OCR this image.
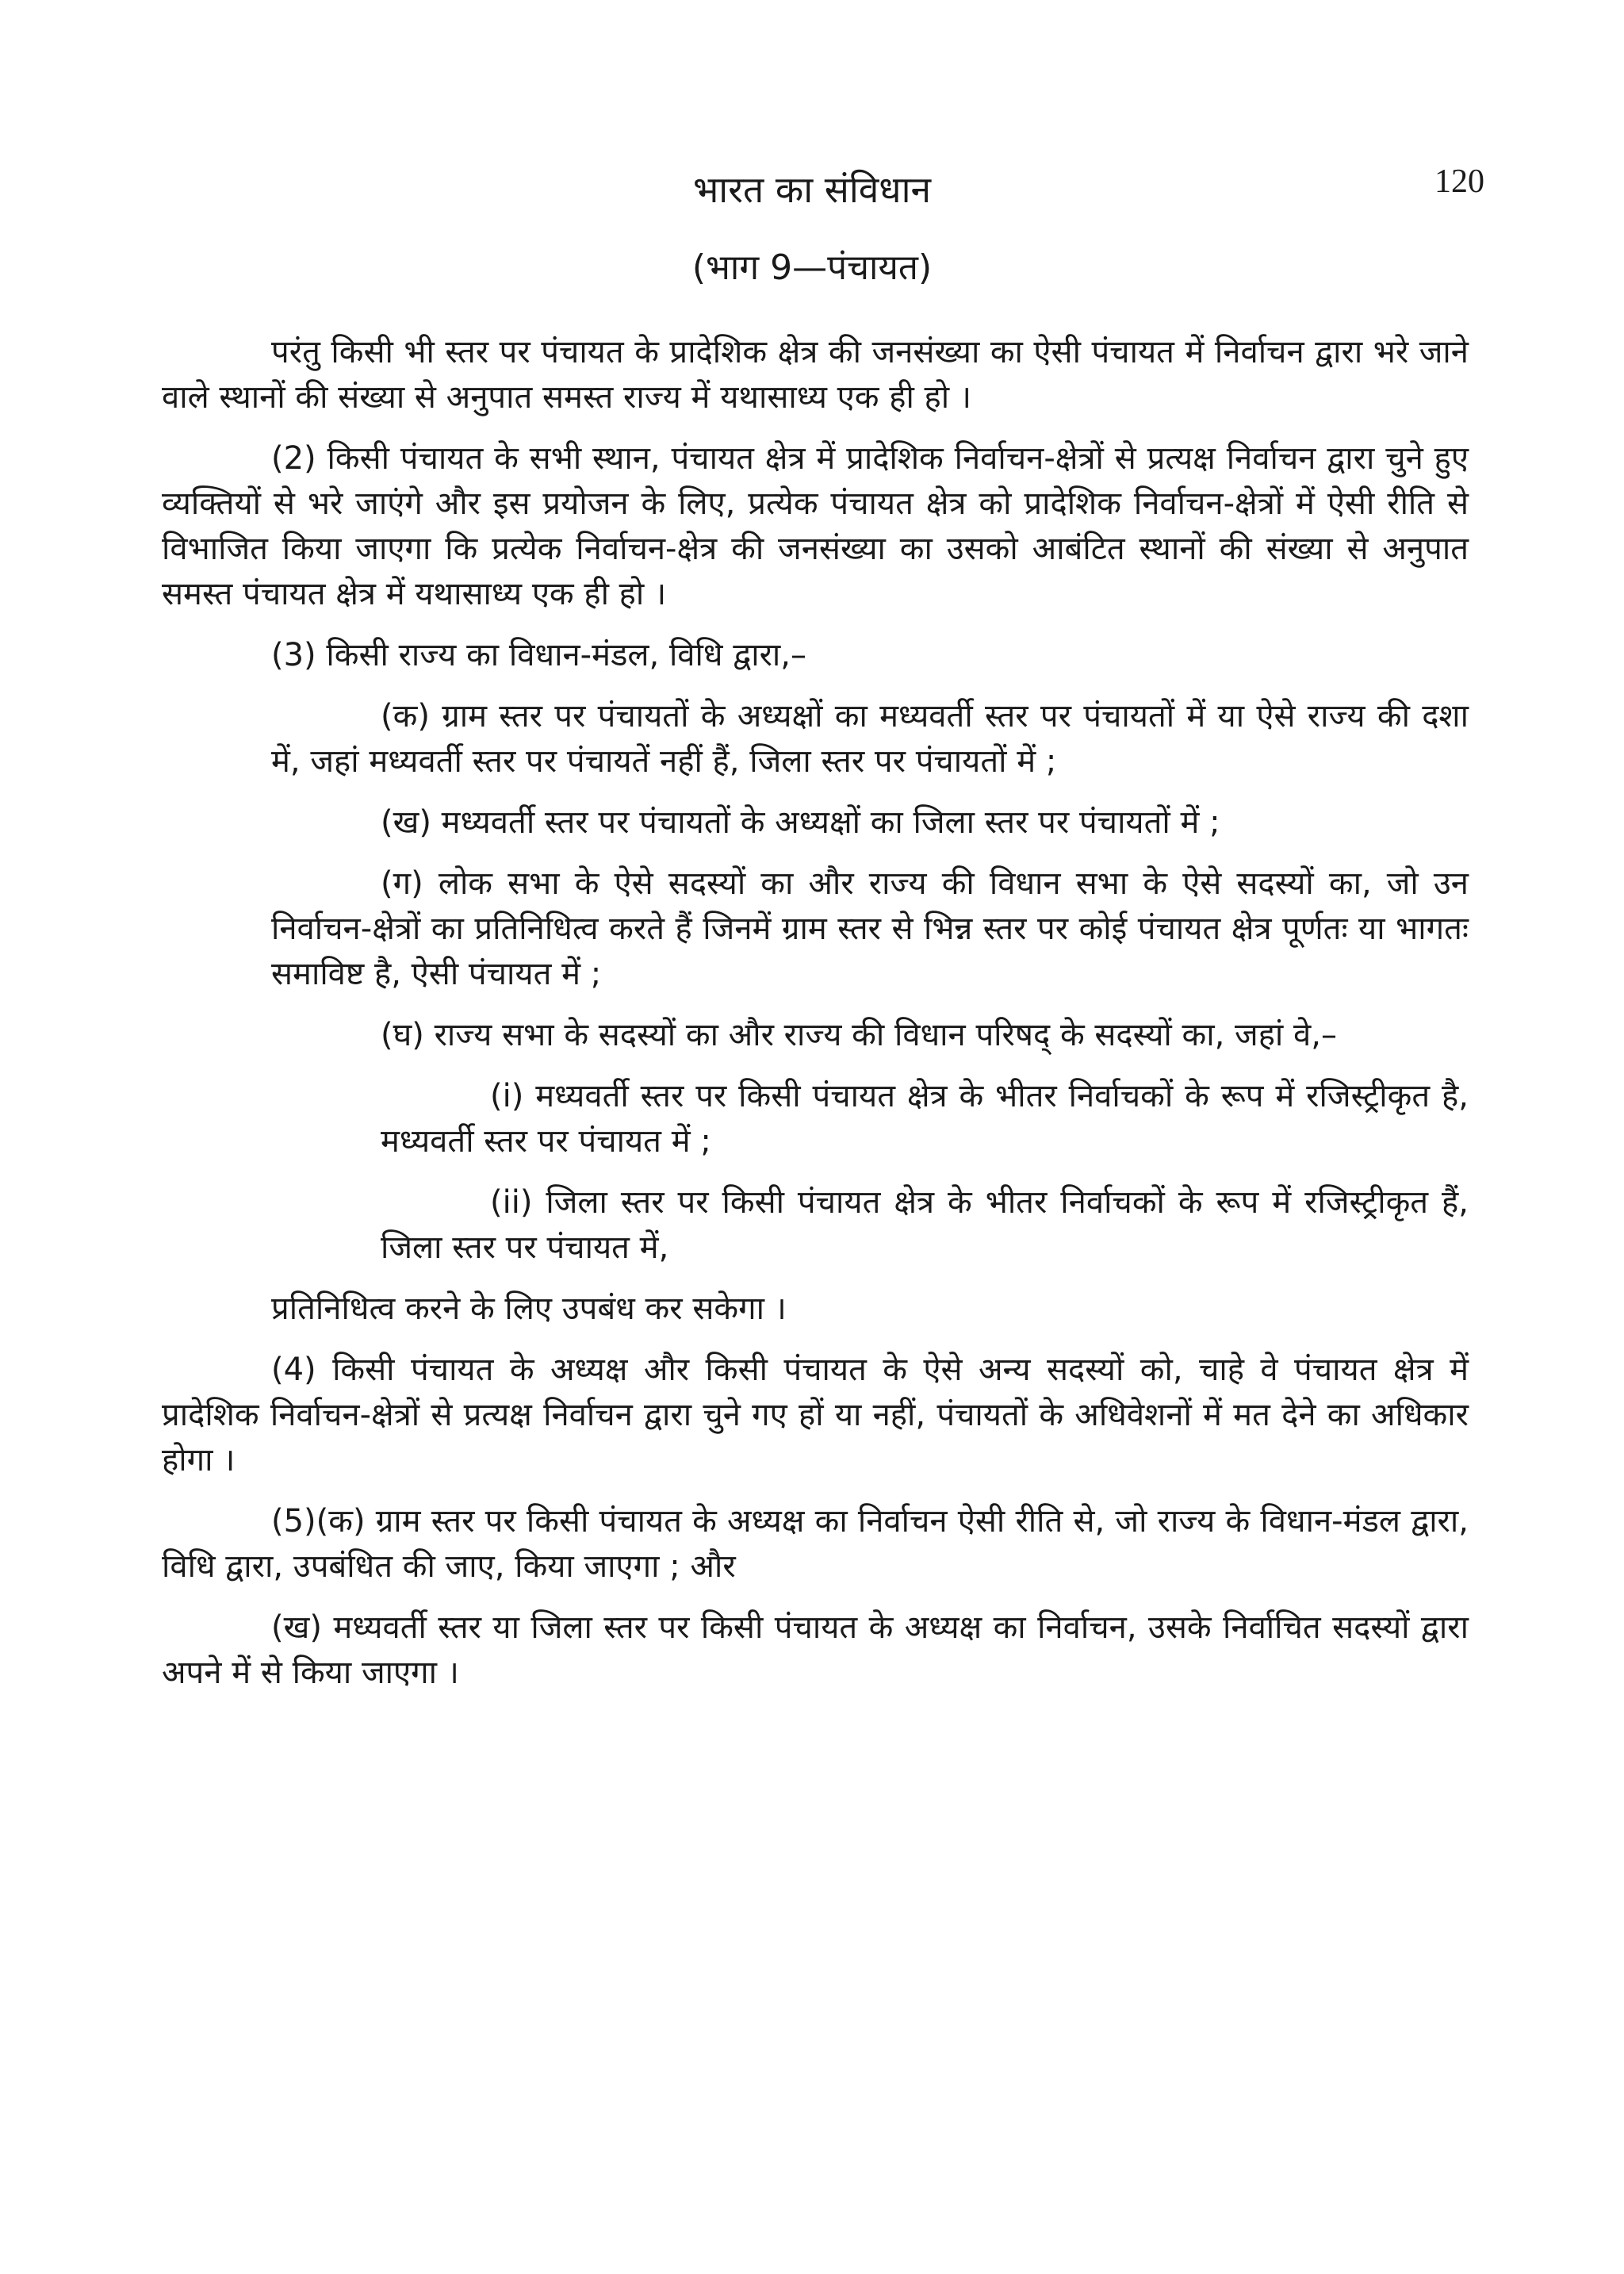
120
भारत का संविधान
(भाग 9—पंचायत)

परंतु किसी भी स्तर पर पंचायत के प्रादेशिक क्षेत्र की जनसंख्या का ऐसी पंचायत में निर्वाचन द्वारा भरे जाने वाले स्थानों की संख्या से अनुपात समस्त राज्य में यथासाध्य एक ही हो ।

(2) किसी पंचायत के सभी स्थान, पंचायत क्षेत्र में प्रादेशिक निर्वाचन-क्षेत्रों से प्रत्यक्ष निर्वाचन द्वारा चुने हुए व्यक्तियों से भरे जाएंगे और इस प्रयोजन के लिए, प्रत्येक पंचायत क्षेत्र को प्रादेशिक निर्वाचन-क्षेत्रों में ऐसी रीति से विभाजित किया जाएगा कि प्रत्येक निर्वाचन-क्षेत्र की जनसंख्या का उसको आबंटित स्थानों की संख्या से अनुपात समस्त पंचायत क्षेत्र में यथासाध्य एक ही हो ।

(3) किसी राज्य का विधान-मंडल, विधि द्वारा,–

(क) ग्राम स्तर पर पंचायतों के अध्यक्षों का मध्यवर्ती स्तर पर पंचायतों में या ऐसे राज्य की दशा में, जहां मध्यवर्ती स्तर पर पंचायतें नहीं हैं, जिला स्तर पर पंचायतों में ;

(ख) मध्यवर्ती स्तर पर पंचायतों के अध्यक्षों का जिला स्तर पर पंचायतों में ;

(ग) लोक सभा के ऐसे सदस्यों का और राज्य की विधान सभा के ऐसे सदस्यों का, जो उन निर्वाचन-क्षेत्रों का प्रतिनिधित्व करते हैं जिनमें ग्राम स्तर से भिन्न स्तर पर कोई पंचायत क्षेत्र पूर्णतः या भागतः समाविष्ट है, ऐसी पंचायत में ;

(घ) राज्य सभा के सदस्यों का और राज्य की विधान परिषद् के सदस्यों का, जहां वे,–

(i) मध्यवर्ती स्तर पर किसी पंचायत क्षेत्र के भीतर निर्वाचकों के रूप में रजिस्ट्रीकृत है, मध्यवर्ती स्तर पर पंचायत में ;

(ii) जिला स्तर पर किसी पंचायत क्षेत्र के भीतर निर्वाचकों के रूप में रजिस्ट्रीकृत हैं, जिला स्तर पर पंचायत में,

प्रतिनिधित्व करने के लिए उपबंध कर सकेगा ।

(4) किसी पंचायत के अध्यक्ष और किसी पंचायत के ऐसे अन्य सदस्यों को, चाहे वे पंचायत क्षेत्र में प्रादेशिक निर्वाचन-क्षेत्रों से प्रत्यक्ष निर्वाचन द्वारा चुने गए हों या नहीं, पंचायतों के अधिवेशनों में मत देने का अधिकार होगा ।

(5)(क) ग्राम स्तर पर किसी पंचायत के अध्यक्ष का निर्वाचन ऐसी रीति से, जो राज्य के विधान-मंडल द्वारा, विधि द्वारा, उपबंधित की जाए, किया जाएगा ; और

(ख) मध्यवर्ती स्तर या जिला स्तर पर किसी पंचायत के अध्यक्ष का निर्वाचन, उसके निर्वाचित सदस्यों द्वारा अपने में से किया जाएगा ।
